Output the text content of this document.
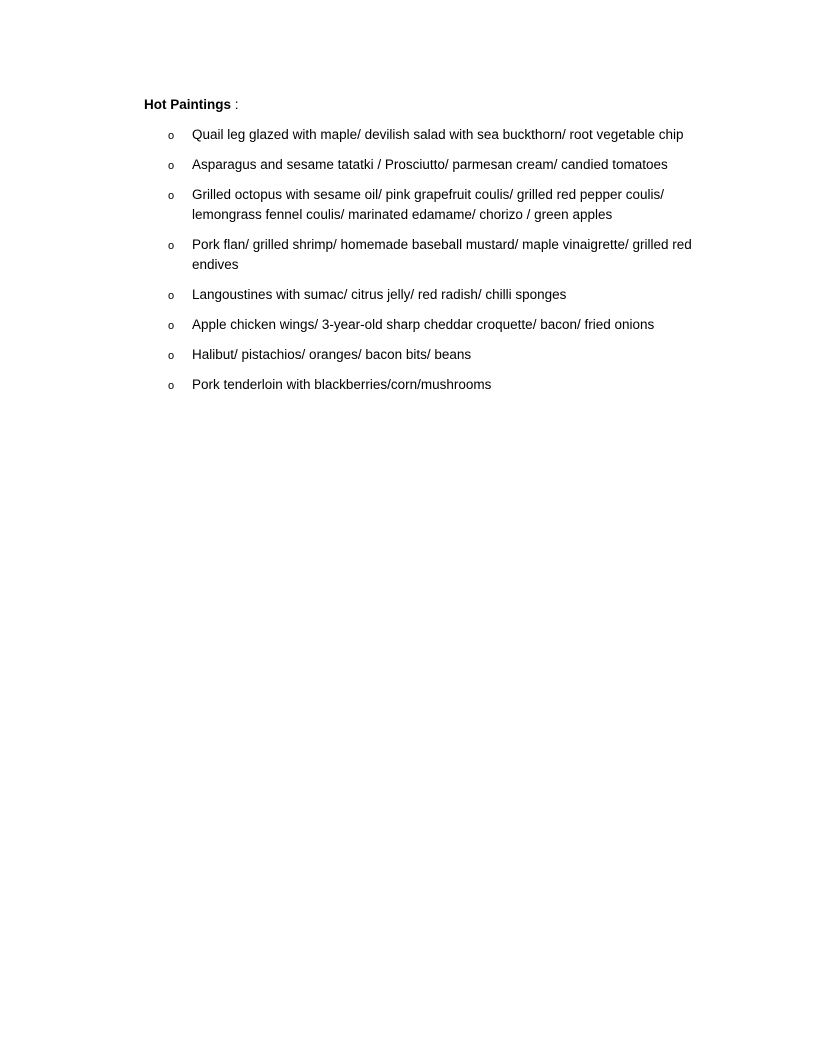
Hot Paintings :

o Quail leg glazed with maple/ devilish salad with sea buckthorn/ root vegetable chip
o Asparagus and sesame tatatki / Prosciutto/ parmesan cream/ candied tomatoes
o Grilled octopus with sesame oil/ pink grapefruit coulis/ grilled red pepper coulis/ lemongrass fennel coulis/ marinated edamame/ chorizo / green apples
o Pork flan/ grilled shrimp/ homemade baseball mustard/ maple vinaigrette/ grilled red endives
o Langoustines with sumac/ citrus jelly/ red radish/ chilli sponges
o Apple chicken wings/ 3-year-old sharp cheddar croquette/ bacon/ fried onions
o Halibut/ pistachios/ oranges/ bacon bits/ beans
o Pork tenderloin with blackberries/corn/mushrooms
